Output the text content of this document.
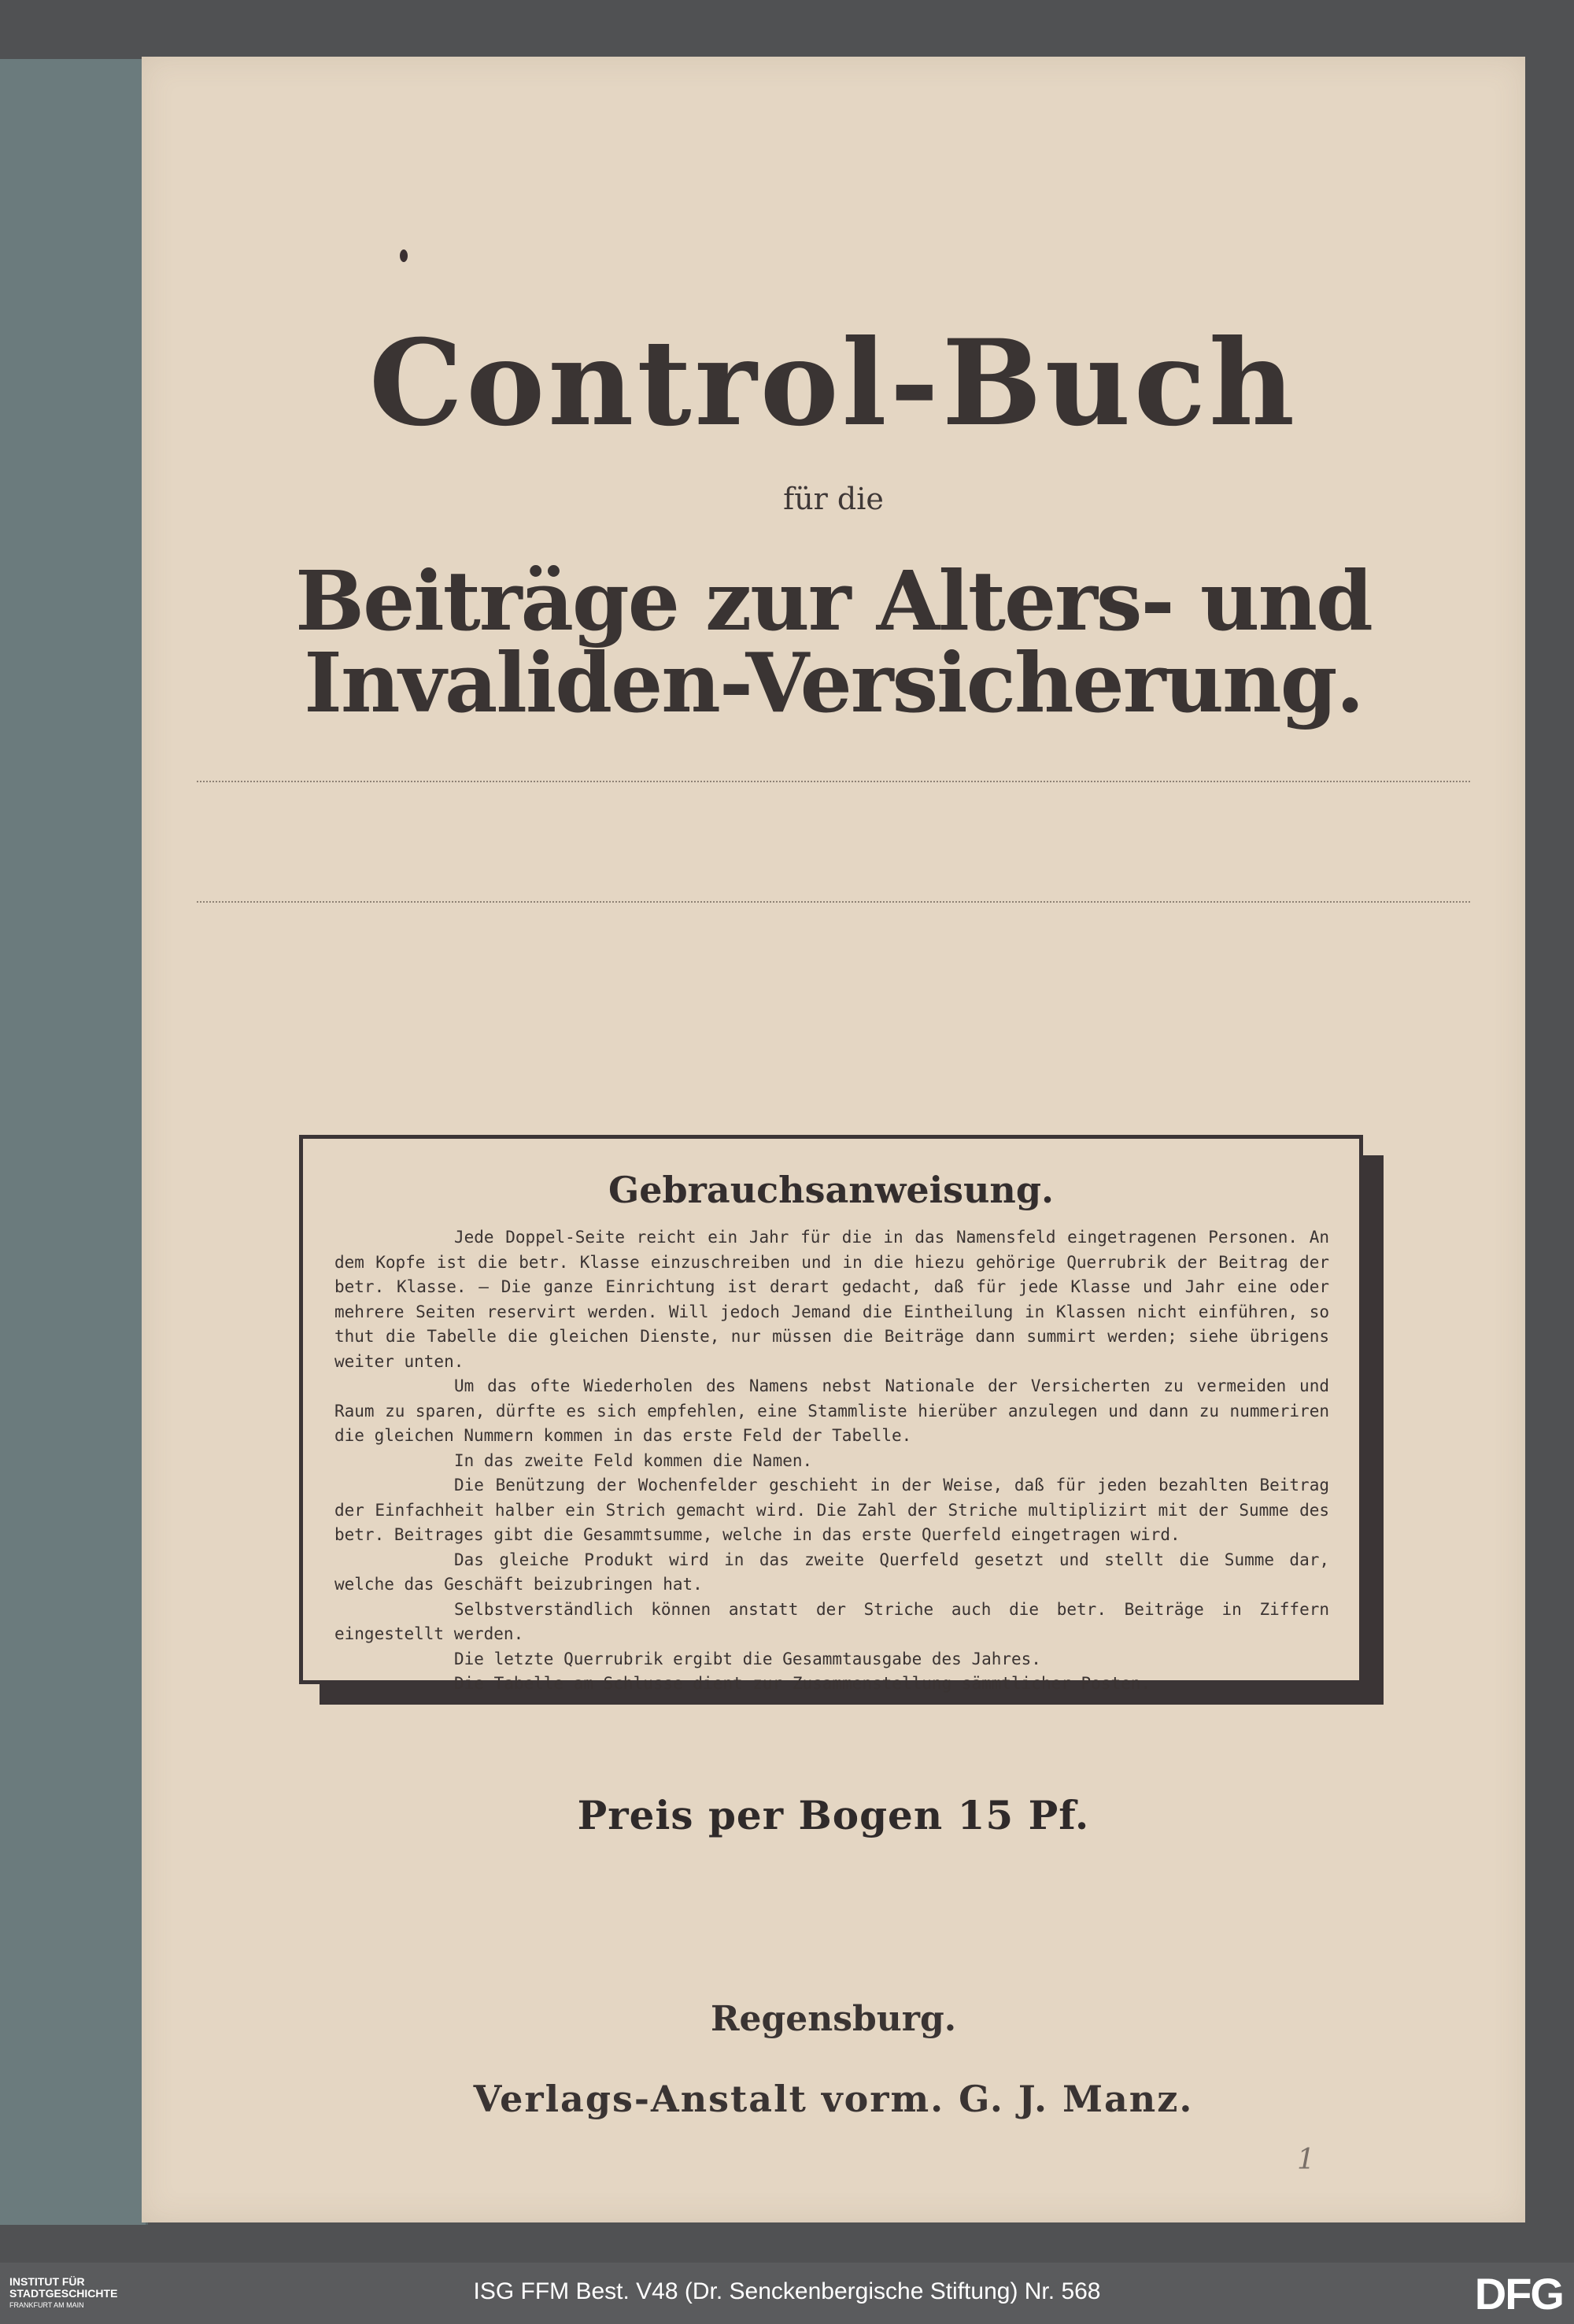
Control-Buch
für die
Beiträge zur Alters- und Invaliden-Versicherung.
Gebrauchsanweisung.

Jede Doppel-Seite reicht ein Jahr für die in das Namensfeld eingetragenen Personen. An dem Kopfe ist die betr. Klasse einzuschreiben und in die hiezu gehörige Querrubrik der Beitrag der betr. Klasse. — Die ganze Einrichtung ist derart gedacht, daß für jede Klasse und Jahr eine oder mehrere Seiten reservirt werden. Will jedoch Jemand die Eintheilung in Klassen nicht einführen, so thut die Tabelle die gleichen Dienste, nur müssen die Beiträge dann summirt werden; siehe übrigens weiter unten.

Um das ofte Wiederholen des Namens nebst Nationale der Versicherten zu vermeiden und Raum zu sparen, dürfte es sich empfehlen, eine Stammliste hierüber anzulegen und dann zu nummeriren die gleichen Nummern kommen in das erste Feld der Tabelle.

In das zweite Feld kommen die Namen.

Die Benützung der Wochenfelder geschieht in der Weise, daß für jeden bezahlten Beitrag der Einfachheit halber ein Strich gemacht wird. Die Zahl der Striche multiplizirt mit der Summe des betr. Beitrages gibt die Gesammtsumme, welche in das erste Querfeld eingetragen wird.

Das gleiche Produkt wird in das zweite Querfeld gesetzt und stellt die Summe dar, welche das Geschäft beizubringen hat.

Selbstverständlich können anstatt der Striche auch die betr. Beiträge in Ziffern eingestellt werden.

Die letzte Querrubrik ergibt die Gesammtausgabe des Jahres.

Die Tabelle am Schlusse dient zur Zusammenstellung sämmtlicher Posten.

Preis per Bogen 15 Pf.
Regensburg.
Verlags-Anstalt vorm. G. J. Manz.
1
INSTITUT FÜR
STADTGESCHICHTE
FRANKFURT AM MAIN
ISG FFM Best. V48 (Dr. Senckenbergische Stiftung) Nr. 568	DFG
